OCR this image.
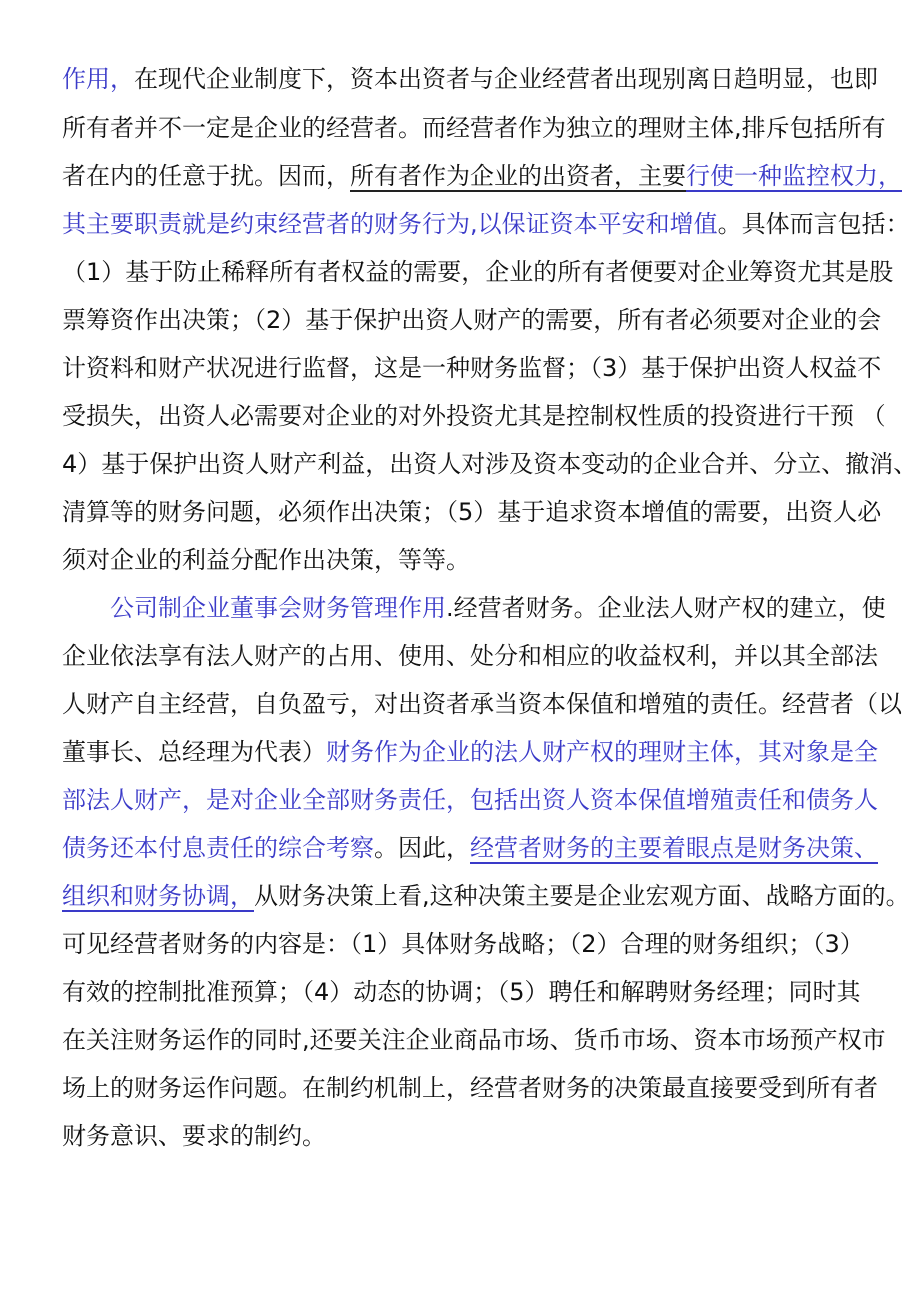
作用，在现代企业制度下，资本出资者与企业经营者出现别离日趋明显，也即
所有者并不一定是企业的经营者。而经营者作为独立的理财主体,排斥包括所有
者在内的任意于扰。因而，所有者作为企业的出资者，主要行使一种监控权力，
其主要职责就是约束经营者的财务行为,以保证资本平安和增值。具体而言包括：
（1）基于防止稀释所有者权益的需要，企业的所有者便要对企业筹资尤其是股
票筹资作出决策；（2）基于保护出资人财产的需要，所有者必须要对企业的会
计资料和财产状况进行监督，这是一种财务监督；（3）基于保护出资人权益不
受损失，出资人必需要对企业的对外投资尤其是控制权性质的投资进行干预 （
4）基于保护出资人财产利益，出资人对涉及资本变动的企业合并、分立、撤消、
清算等的财务问题，必须作出决策；（5）基于追求资本增值的需要，出资人必
须对企业的利益分配作出决策，等等。
公司制企业董事会财务管理作用.经营者财务。企业法人财产权的建立，使
企业依法享有法人财产的占用、使用、处分和相应的收益权利，并以其全部法
人财产自主经营，自负盈亏，对出资者承当资本保值和增殖的责任。经营者（以
董事长、总经理为代表）财务作为企业的法人财产权的理财主体，其对象是全
部法人财产，是对企业全部财务责任，包括出资人资本保值增殖责任和债务人
债务还本付息责任的综合考察。因此，经营者财务的主要着眼点是财务决策、
组织和财务协调，从财务决策上看,这种决策主要是企业宏观方面、战略方面的。
可见经营者财务的内容是：（1）具体财务战略；（2）合理的财务组织；（3）
有效的控制批准预算；（4）动态的协调；（5）聘任和解聘财务经理；同时其
在关注财务运作的同时,还要关注企业商品市场、货币市场、资本市场预产权市
场上的财务运作问题。在制约机制上，经营者财务的决策最直接要受到所有者
财务意识、要求的制约。
